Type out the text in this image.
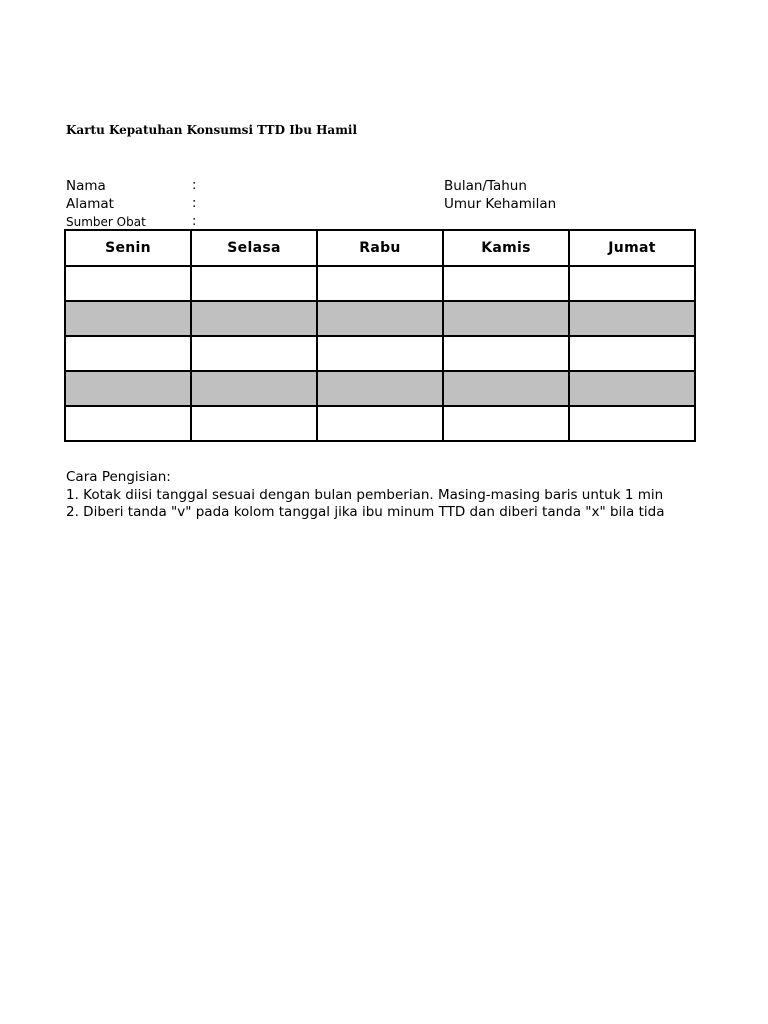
Kartu Kepatuhan Konsumsi TTD Ibu Hamil
Nama	:
Alamat	:
Sumber Obat	:
Bulan/Tahun
Umur Kehamilan
Senin	Selasa	Rabu	Kamis	Jumat

Cara Pengisian:
1. Kotak diisi tanggal sesuai dengan bulan pemberian. Masing-masing baris untuk 1 min
2. Diberi tanda "v" pada kolom tanggal jika ibu minum TTD dan diberi tanda "x" bila tida
